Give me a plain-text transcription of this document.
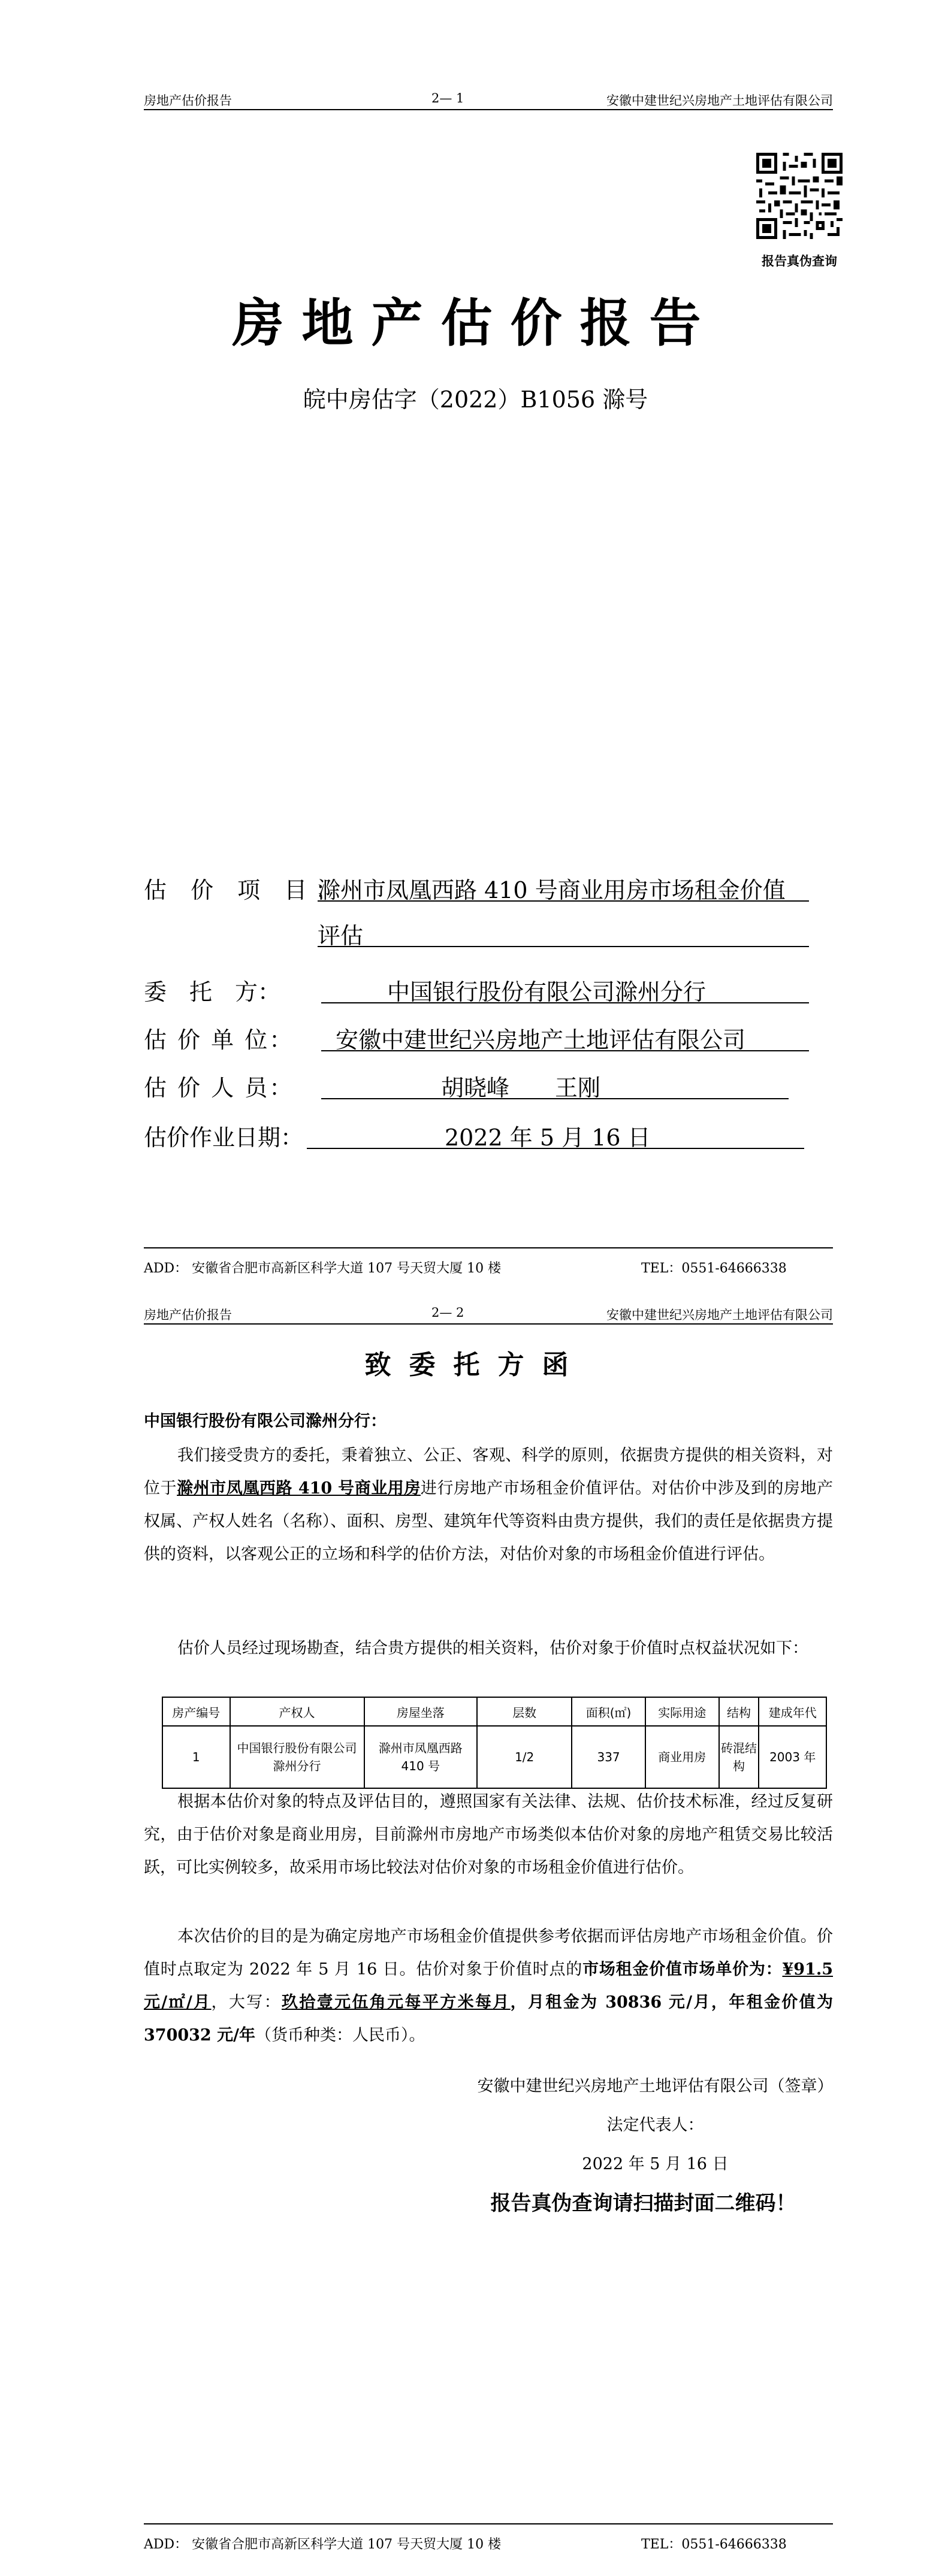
房地产估价报告	2— 1	安徽中建世纪兴房地产土地评估有限公司
报告真伪查询
房地产估价报告
皖中房估字（2022）B1056 滁号
估 价 项 目：
滁州市凤凰西路 410 号商业用房市场租金价值
评估
委　托　方：	中国银行股份有限公司滁州分行
估 价 单 位：	安徽中建世纪兴房地产土地评估有限公司
估 价 人 员：	胡晓峰　　王刚
估价作业日期：	2022 年 5 月 16 日
ADD： 安徽省合肥市高新区科学大道 107 号天贸大厦 10 楼	TEL：0551-64666338
房地产估价报告	2— 2	安徽中建世纪兴房地产土地评估有限公司
致委托方函
中国银行股份有限公司滁州分行：
我们接受贵方的委托，秉着独立、公正、客观、科学的原则，依据贵方提供的相关资料，对位于滁州市凤凰西路 410 号商业用房进行房地产市场租金价值评估。对估价中涉及到的房地产权属、产权人姓名（名称）、面积、房型、建筑年代等资料由贵方提供，我们的责任是依据贵方提供的资料，以客观公正的立场和科学的估价方法，对估价对象的市场租金价值进行评估。
估价人员经过现场勘查，结合贵方提供的相关资料，估价对象于价值时点权益状况如下：
房产编号	产权人	房屋坐落	层数	面积(㎡)	实际用途	结构	建成年代
1	中国银行股份有限公司滁州分行	滁州市凤凰西路 410 号	1/2	337	商业用房	砖混结构	2003 年
根据本估价对象的特点及评估目的，遵照国家有关法律、法规、估价技术标准，经过反复研究，由于估价对象是商业用房，目前滁州市房地产市场类似本估价对象的房地产租赁交易比较活跃，可比实例较多，故采用市场比较法对估价对象的市场租金价值进行估价。
本次估价的目的是为确定房地产市场租金价值提供参考依据而评估房地产市场租金价值。价值时点取定为 2022 年 5 月 16 日。估价对象于价值时点的市场租金价值市场单价为：¥91.5 元/㎡/月，大写：玖拾壹元伍角元每平方米每月，月租金为 30836 元/月，年租金价值为 370032 元/年（货币种类：人民币）。
安徽中建世纪兴房地产土地评估有限公司（签章）
法定代表人：
2022 年 5 月 16 日
报告真伪查询请扫描封面二维码！
ADD： 安徽省合肥市高新区科学大道 107 号天贸大厦 10 楼	TEL：0551-64666338
